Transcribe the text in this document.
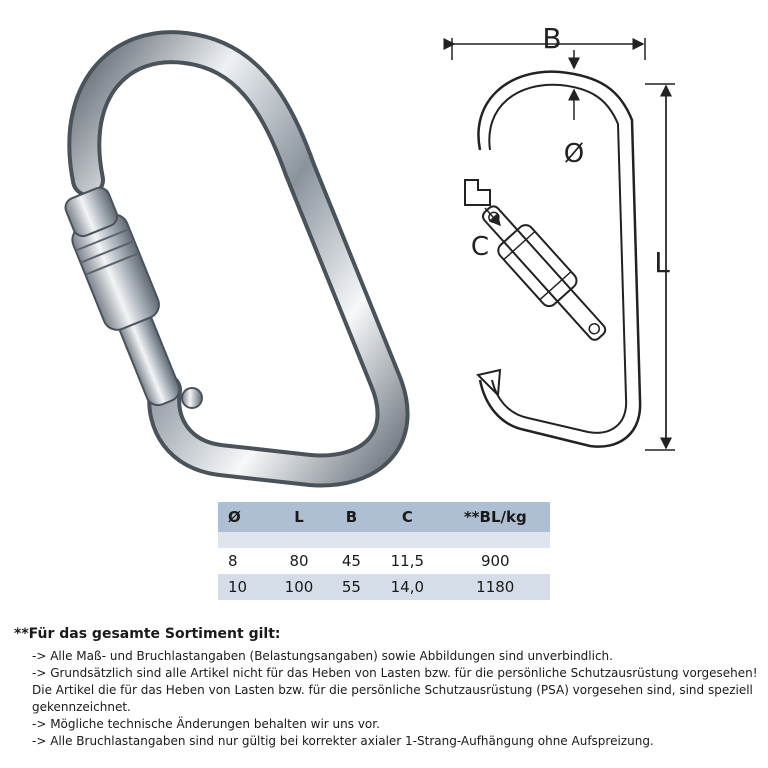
B
L
Ø
C
Ø	L	B	C	**BL/kg

8	80	45	11,5	900
10	100	55	14,0	1180

**Für das gesamte Sortiment gilt:

-> Alle Maß- und Bruchlastangaben (Belastungsangaben) sowie Abbildungen sind unverbindlich.
-> Grundsätzlich sind alle Artikel nicht für das Heben von Lasten bzw. für die persönliche Schutzausrüstung vorgesehen! Die Artikel die für das Heben von Lasten bzw. für die persönliche Schutzausrüstung (PSA) vorgesehen sind, sind speziell gekennzeichnet.
-> Mögliche technische Änderungen behalten wir uns vor.
-> Alle Bruchlastangaben sind nur gültig bei korrekter axialer 1-Strang-Aufhängung ohne Aufspreizung.
